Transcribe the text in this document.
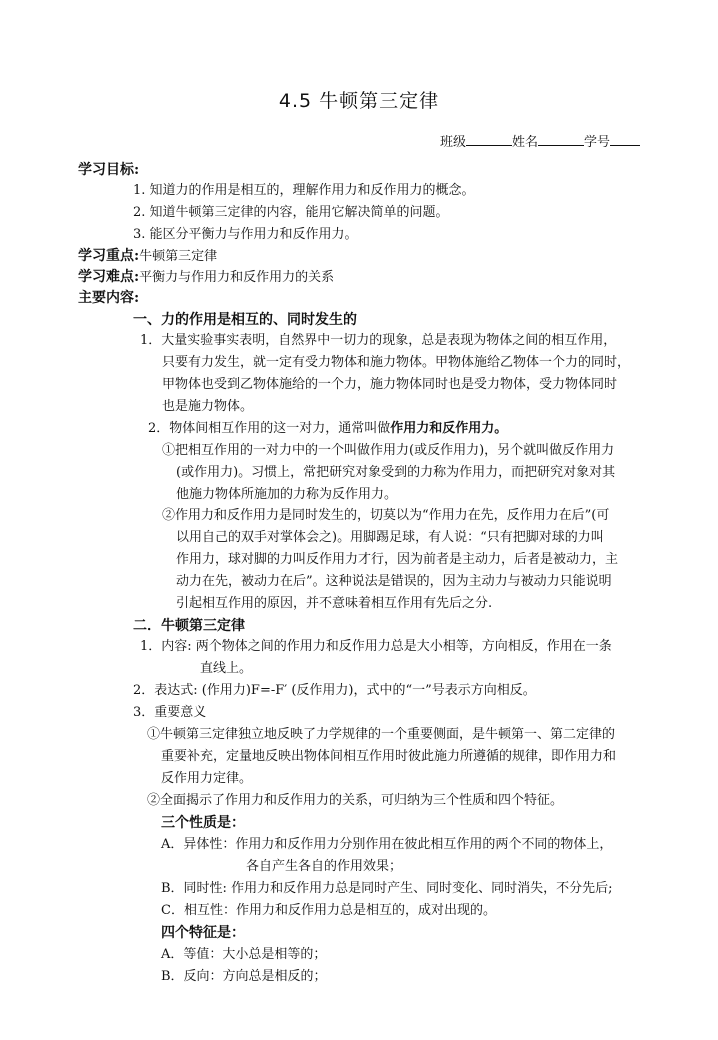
4.5 牛顿第三定律
班级	姓名	学号
学习目标:
1. 知道力的作用是相互的，理解作用力和反作用力的概念。
2. 知道牛顿第三定律的内容，能用它解决简单的问题。
3. 能区分平衡力与作用力和反作用力。
学习重点:牛顿第三定律
学习难点:平衡力与作用力和反作用力的关系
主要内容:
一、力的作用是相互的、同时发生的
1．大量实验事实表明，自然界中一切力的现象，总是表现为物体之间的相互作用，
只要有力发生，就一定有受力物体和施力物体。甲物体施给乙物体一个力的同时，
甲物体也受到乙物体施给的一个力，施力物体同时也是受力物体，受力物体同时
也是施力物体。
2．物体间相互作用的这一对力，通常叫做作用力和反作用力。
①把相互作用的一对力中的一个叫做作用力(或反作用力)，另个就叫做反作用力
(或作用力)。习惯上，常把研究对象受到的力称为作用力，而把研究对象对其
他施力物体所施加的力称为反作用力。
②作用力和反作用力是同时发生的，切莫以为“作用力在先，反作用力在后”(可
以用自己的双手对掌体会之)。用脚踢足球，有人说：“只有把脚对球的力叫
作用力，球对脚的力叫反作用力才行，因为前者是主动力，后者是被动力，主
动力在先，被动力在后”。这种说法是错误的，因为主动力与被动力只能说明
引起相互作用的原因，并不意味着相互作用有先后之分.
二．牛顿第三定律
1．内容: 两个物体之间的作用力和反作用力总是大小相等，方向相反，作用在一条
直线上。
2．表达式: (作用力)F=-F′ (反作用力)，式中的“一”号表示方向相反。
3．重要意义
①牛顿第三定律独立地反映了力学规律的一个重要侧面，是牛顿第一、第二定律的
重要补充，定量地反映出物体间相互作用时彼此施力所遵循的规律，即作用力和
反作用力定律。
②全面揭示了作用力和反作用力的关系，可归纳为三个性质和四个特征。
三个性质是：
A．异体性：作用力和反作用力分别作用在彼此相互作用的两个不同的物体上，
各自产生各自的作用效果；
B．同时性: 作用力和反作用力总是同时产生、同时变化、同时消失，不分先后;
C．相互性：作用力和反作用力总是相互的，成对出现的。
四个特征是：
A．等值：大小总是相等的；
B．反向：方向总是相反的；
